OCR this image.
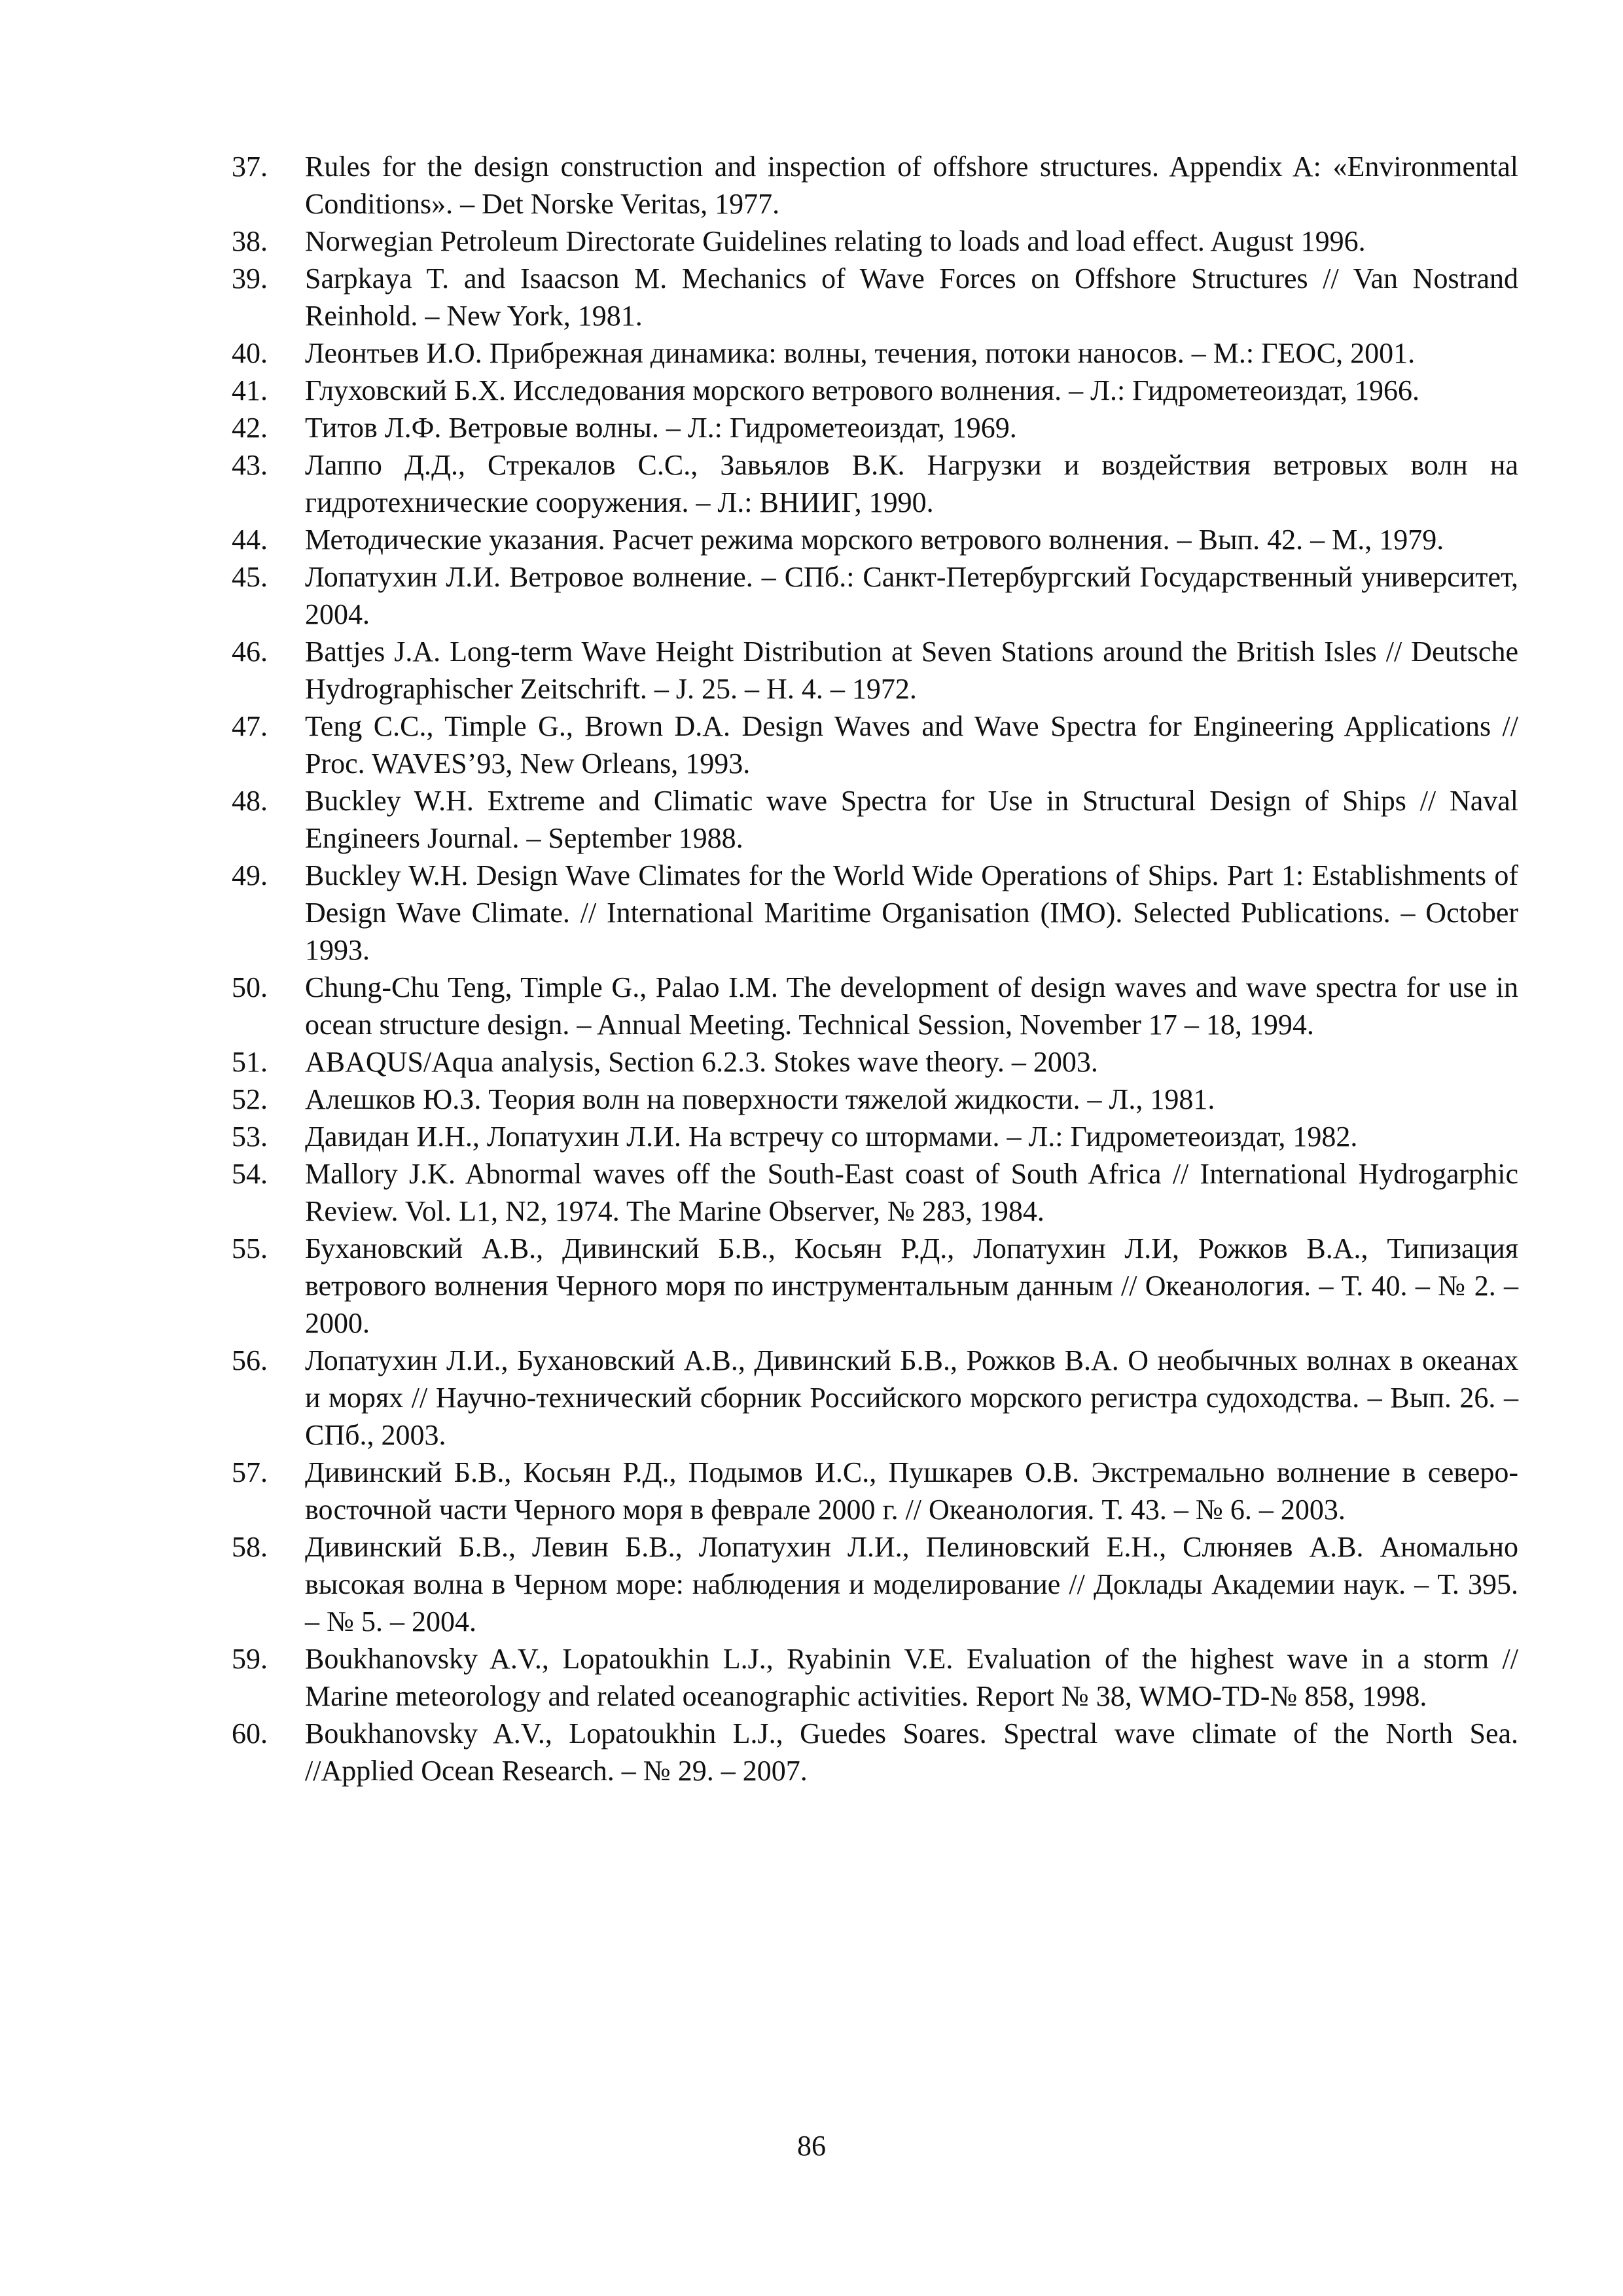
37. Rules for the design construction and inspection of offshore structures. Appendix A: «Environmental Conditions». – Det Norske Veritas, 1977.
38. Norwegian Petroleum Directorate Guidelines relating to loads and load effect. August 1996.
39. Sarpkaya T. and Isaacson M. Mechanics of Wave Forces on Offshore Structures // Van Nostrand Reinhold. – New York, 1981.
40. Леонтьев И.О. Прибрежная динамика: волны, течения, потоки наносов. – М.: ГЕОС, 2001.
41. Глуховский Б.Х. Исследования морского ветрового волнения. – Л.: Гидрометеоиздат, 1966.
42. Титов Л.Ф. Ветровые волны. – Л.: Гидрометеоиздат, 1969.
43. Лаппо Д.Д., Стрекалов С.С., Завьялов В.К. Нагрузки и воздействия ветровых волн на гидротехнические сооружения. – Л.: ВНИИГ, 1990.
44. Методические указания. Расчет режима морского ветрового волнения. – Вып. 42. – М., 1979.
45. Лопатухин Л.И. Ветровое волнение. – СПб.: Санкт-Петербургский Государственный университет, 2004.
46. Battjes J.A. Long-term Wave Height Distribution at Seven Stations around the British Isles // Deutsche Hydrographischer Zeitschrift. – J. 25. – H. 4. – 1972.
47. Teng C.C., Timple G., Brown D.A. Design Waves and Wave Spectra for Engineering Applications // Proc. WAVES’93, New Orleans, 1993.
48. Buckley W.H. Extreme and Climatic wave Spectra for Use in Structural Design of Ships // Naval Engineers Journal. – September 1988.
49. Buckley W.H. Design Wave Climates for the World Wide Operations of Ships. Part 1: Establishments of Design Wave Climate. // International Maritime Organisation (IMO). Selected Publications. – October 1993.
50. Chung-Chu Teng, Timple G., Palao I.M. The development of design waves and wave spectra for use in ocean structure design. – Annual Meeting. Technical Session, November 17 – 18, 1994.
51. ABAQUS/Aqua analysis, Section 6.2.3. Stokes wave theory. – 2003.
52. Алешков Ю.З. Теория волн на поверхности тяжелой жидкости. – Л., 1981.
53. Давидан И.Н., Лопатухин Л.И. На встречу со штормами. – Л.: Гидрометеоиздат, 1982.
54. Mallory J.K. Abnormal waves off the South-East coast of South Africa // International Hydrogarphic Review. Vol. L1, N2, 1974. The Marine Observer, № 283, 1984.
55. Бухановский А.В., Дивинский Б.В., Косьян Р.Д., Лопатухин Л.И, Рожков В.А., Типизация ветрового волнения Черного моря по инструментальным данным // Океанология. – Т. 40. – № 2. – 2000.
56. Лопатухин Л.И., Бухановский А.В., Дивинский Б.В., Рожков В.А. О необычных волнах в океанах и морях // Научно-технический сборник Российского морского регистра судоходства. – Вып. 26. – СПб., 2003.
57. Дивинский Б.В., Косьян Р.Д., Подымов И.С., Пушкарев О.В. Экстремально волнение в северо-восточной части Черного моря в феврале 2000 г. // Океанология. Т. 43. – № 6. – 2003.
58. Дивинский Б.В., Левин Б.В., Лопатухин Л.И., Пелиновский Е.Н., Слюняев А.В. Аномально высокая волна в Черном море: наблюдения и моделирование // Доклады Академии наук. – Т. 395. – № 5. – 2004.
59. Boukhanovsky A.V., Lopatoukhin L.J., Ryabinin V.E. Evaluation of the highest wave in a storm // Marine meteorology and related oceanographic activities. Report № 38, WMO-TD-№ 858, 1998.
60. Boukhanovsky A.V., Lopatoukhin L.J., Guedes Soares. Spectral wave climate of the North Sea. //Applied Ocean Research. – № 29. – 2007.
86
